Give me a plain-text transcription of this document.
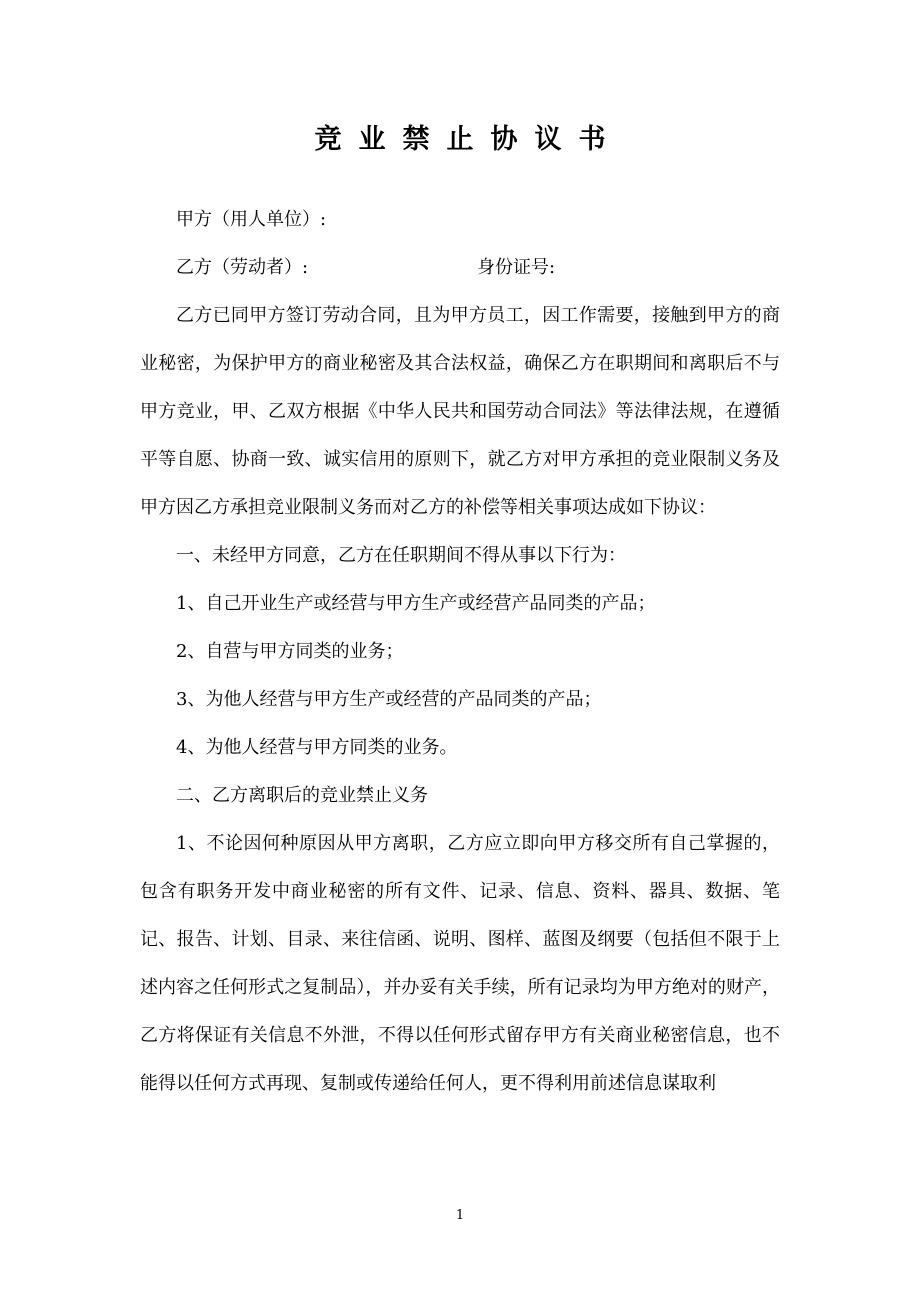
竞业禁止协议书

甲方（用人单位）:

乙方（劳动者）:	身份证号:

乙方已同甲方签订劳动合同，且为甲方员工，因工作需要，接触到甲方的商业秘密，为保护甲方的商业秘密及其合法权益，确保乙方在职期间和离职后不与甲方竞业，甲、乙双方根据《中华人民共和国劳动合同法》等法律法规，在遵循平等自愿、协商一致、诚实信用的原则下，就乙方对甲方承担的竞业限制义务及甲方因乙方承担竞业限制义务而对乙方的补偿等相关事项达成如下协议：

一、未经甲方同意，乙方在任职期间不得从事以下行为：

1、自己开业生产或经营与甲方生产或经营产品同类的产品；

2、自营与甲方同类的业务；

3、为他人经营与甲方生产或经营的产品同类的产品；

4、为他人经营与甲方同类的业务。

二、乙方离职后的竞业禁止义务

1、不论因何种原因从甲方离职，乙方应立即向甲方移交所有自己掌握的，包含有职务开发中商业秘密的所有文件、记录、信息、资料、器具、数据、笔记、报告、计划、目录、来往信函、说明、图样、蓝图及纲要（包括但不限于上述内容之任何形式之复制品），并办妥有关手续，所有记录均为甲方绝对的财产，乙方将保证有关信息不外泄，不得以任何形式留存甲方有关商业秘密信息，也不能得以任何方式再现、复制或传递给任何人，更不得利用前述信息谋取利

1
